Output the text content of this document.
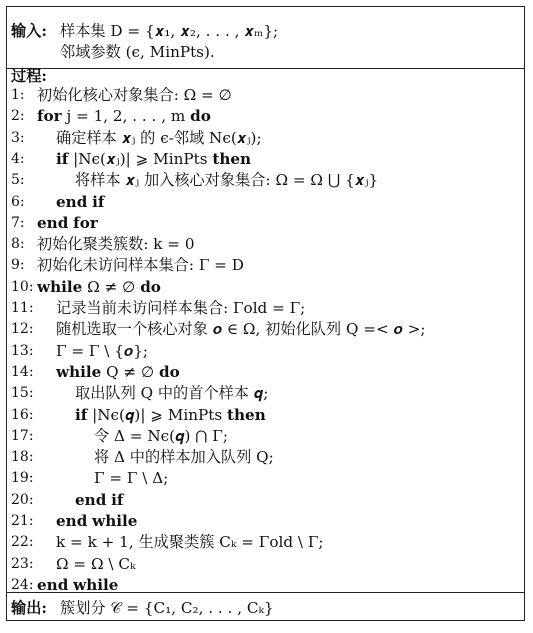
输入: 样本集 D = {𝒙₁, 𝒙₂, . . . , 𝒙ₘ};
邻域参数 (ϵ, MinPts).
过程:
1: 初始化核心对象集合: Ω = ∅
2: for j = 1, 2, . . . , m do
3:	确定样本 𝒙ⱼ 的 ϵ-邻域 Nϵ(𝒙ⱼ);
4:	if |Nϵ(𝒙ⱼ)| ⩾ MinPts then
5:	将样本 𝒙ⱼ 加入核心对象集合: Ω = Ω ⋃ {𝒙ⱼ}
6:	end if
7: end for
8: 初始化聚类簇数: k = 0
9: 初始化未访问样本集合: Γ = D
10: while Ω ≠ ∅ do
11:	记录当前未访问样本集合: Γold = Γ;
12:	随机选取一个核心对象 𝒐 ∈ Ω, 初始化队列 Q =< 𝒐 >;
13:	Γ = Γ \ {𝒐};
14:	while Q ≠ ∅ do
15:	取出队列 Q 中的首个样本 𝒒;
16:	if |Nϵ(𝒒)| ⩾ MinPts then
17:	令 Δ = Nϵ(𝒒) ⋂ Γ;
18:	将 Δ 中的样本加入队列 Q;
19:	Γ = Γ \ Δ;
20:	end if
21:	end while
22:	k = k + 1, 生成聚类簇 Cₖ = Γold \ Γ;
23:	Ω = Ω \ Cₖ
24: end while
输出: 簇划分 𝒞 = {C₁, C₂, . . . , Cₖ}
